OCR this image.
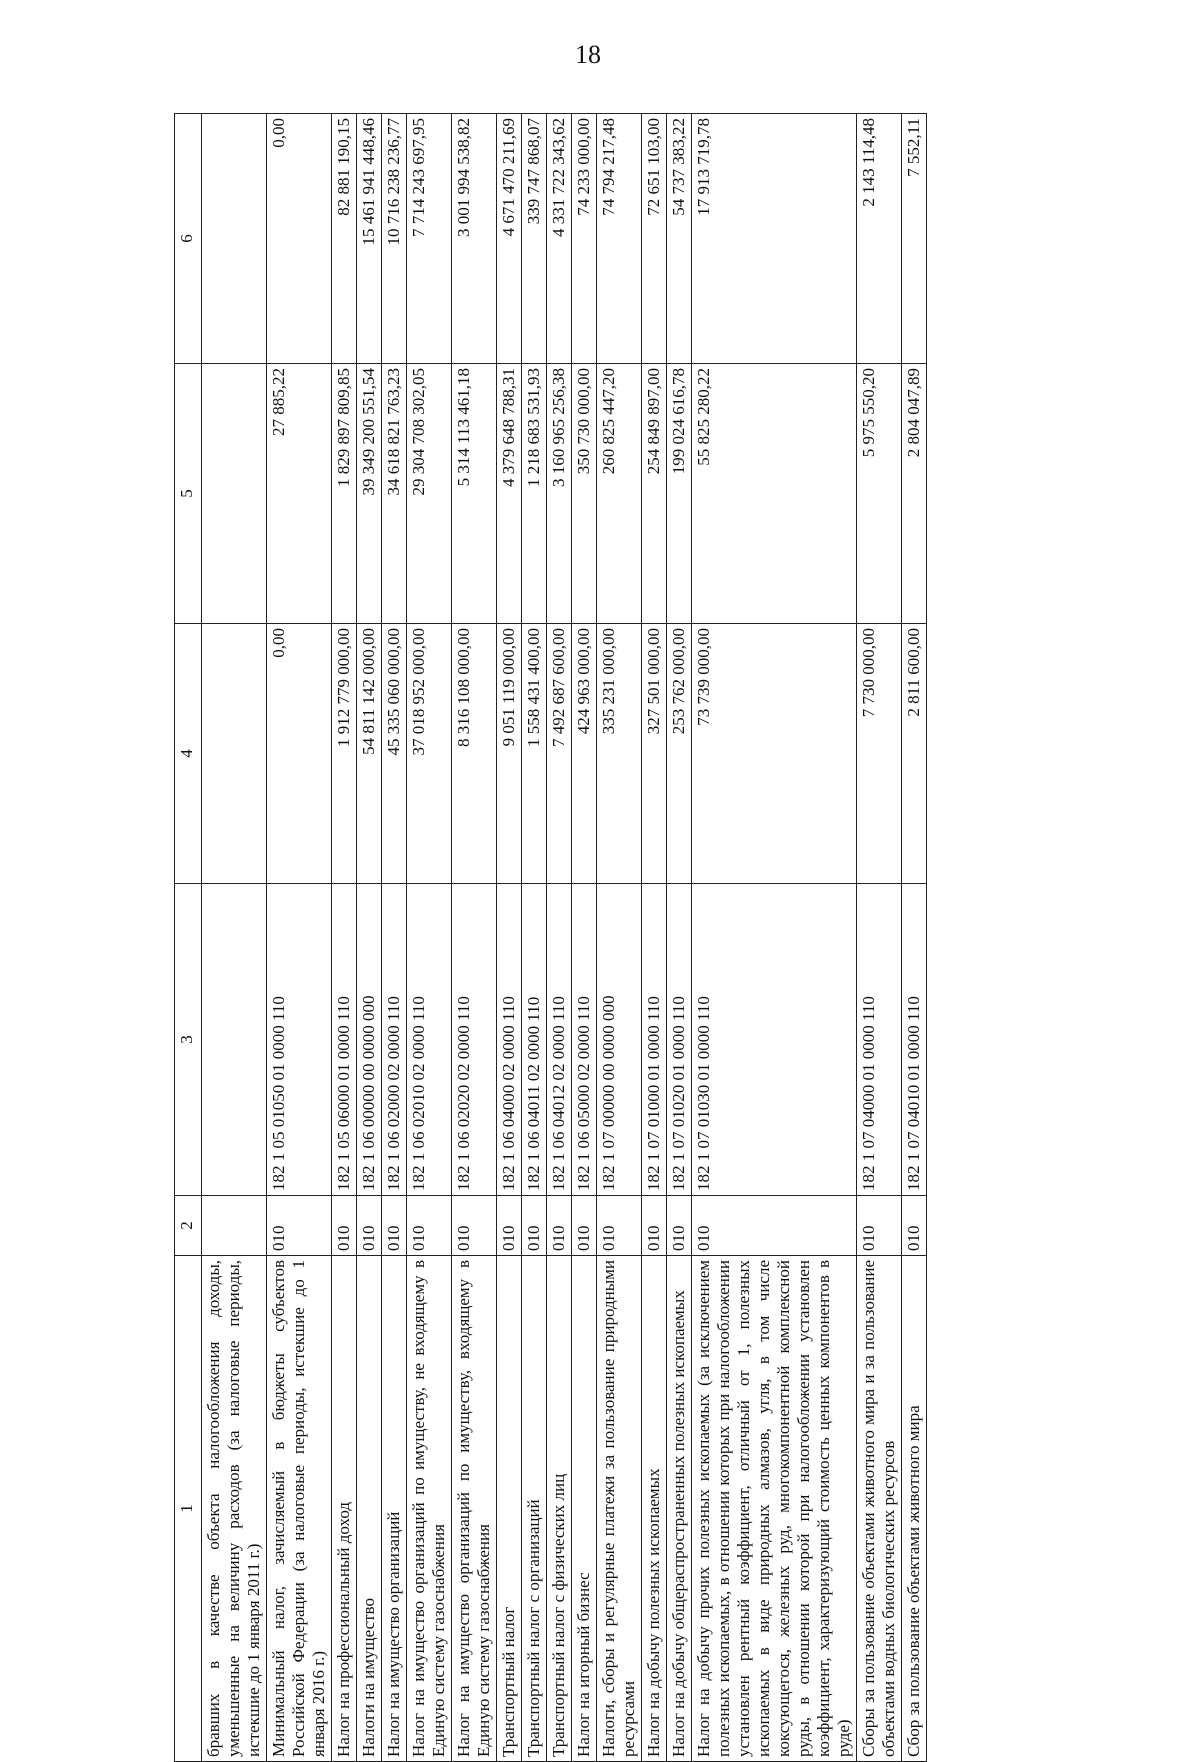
18
1	2	3	4	5	6
бравших в качестве объекта налогообложения доходы, уменьшенные на величину расходов (за налоговые периоды, истекшие до 1 января 2011 г.)					
Минимальный налог, зачисляемый в бюджеты субъектов Российской Федерации (за налоговые периоды, истекшие до 1 января 2016 г.)	010	182 1 05 01050 01 0000 110	0,00	27 885,22	0,00
Налог на профессиональный доход	010	182 1 05 06000 01 0000 110	1 912 779 000,00	1 829 897 809,85	82 881 190,15
Налоги на имущество	010	182 1 06 00000 00 0000 000	54 811 142 000,00	39 349 200 551,54	15 461 941 448,46
Налог на имущество организаций	010	182 1 06 02000 02 0000 110	45 335 060 000,00	34 618 821 763,23	10 716 238 236,77
Налог на имущество организаций по имуществу, не входящему в Единую систему газоснабжения	010	182 1 06 02010 02 0000 110	37 018 952 000,00	29 304 708 302,05	7 714 243 697,95
Налог на имущество организаций по имуществу, входящему в Единую систему газоснабжения	010	182 1 06 02020 02 0000 110	8 316 108 000,00	5 314 113 461,18	3 001 994 538,82
Транспортный налог	010	182 1 06 04000 02 0000 110	9 051 119 000,00	4 379 648 788,31	4 671 470 211,69
Транспортный налог с организаций	010	182 1 06 04011 02 0000 110	1 558 431 400,00	1 218 683 531,93	339 747 868,07
Транспортный налог с физических лиц	010	182 1 06 04012 02 0000 110	7 492 687 600,00	3 160 965 256,38	4 331 722 343,62
Налог на игорный бизнес	010	182 1 06 05000 02 0000 110	424 963 000,00	350 730 000,00	74 233 000,00
Налоги, сборы и регулярные платежи за пользование природными ресурсами	010	182 1 07 00000 00 0000 000	335 231 000,00	260 825 447,20	74 794 217,48
Налог на добычу полезных ископаемых	010	182 1 07 01000 01 0000 110	327 501 000,00	254 849 897,00	72 651 103,00
Налог на добычу общераспространенных полезных ископаемых	010	182 1 07 01020 01 0000 110	253 762 000,00	199 024 616,78	54 737 383,22
Налог на добычу прочих полезных ископаемых (за исключением полезных ископаемых, в отношении которых при налогообложении установлен рентный коэффициент, отличный от 1, полезных ископаемых в виде природных алмазов, угля, в том числе коксующегося, железных руд, многокомпонентной комплексной руды, в отношении которой при налогообложении установлен коэффициент, характеризующий стоимость ценных компонентов в руде)	010	182 1 07 01030 01 0000 110	73 739 000,00	55 825 280,22	17 913 719,78
Сборы за пользование объектами животного мира и за пользование объектами водных биологических ресурсов	010	182 1 07 04000 01 0000 110	7 730 000,00	5 975 550,20	2 143 114,48
Сбор за пользование объектами животного мира	010	182 1 07 04010 01 0000 110	2 811 600,00	2 804 047,89	7 552,11
